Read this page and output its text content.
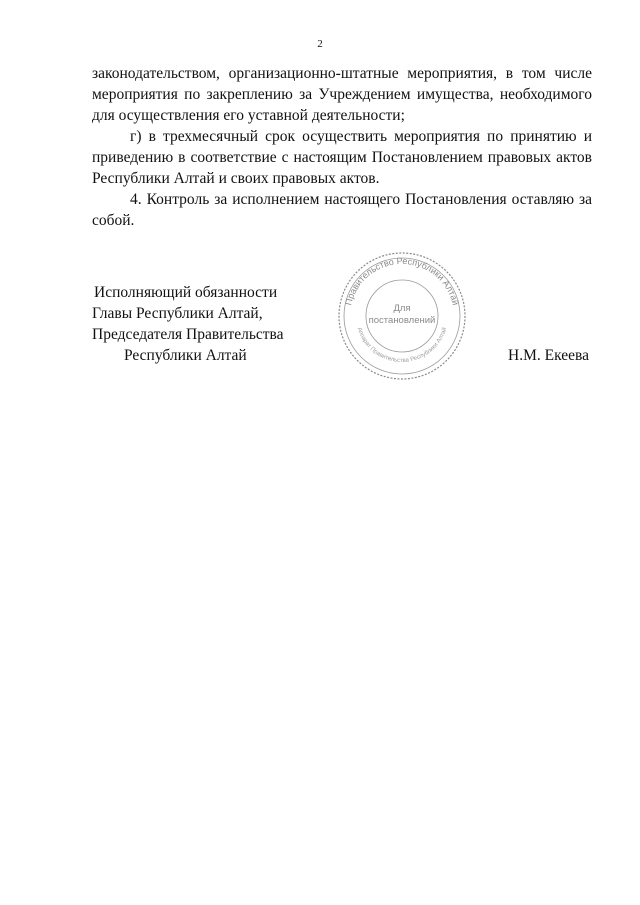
2

законодательством, организационно-штатные мероприятия, в том числе мероприятия по закреплению за Учреждением имущества, необходимого для осуществления его уставной деятельности;

г) в трехмесячный срок осуществить мероприятия по принятию и приведению в соответствие с настоящим Постановлением правовых актов Республики Алтай и своих правовых актов.

4. Контроль за исполнением настоящего Постановления оставляю за собой.

Исполняющий обязанности
Главы Республики Алтай,
Председателя Правительства
Республики Алтай	Н.М. Екеева
Правительство Республики Алтай
Аппарат Правительства Республики Алтай
Для
постановлений
